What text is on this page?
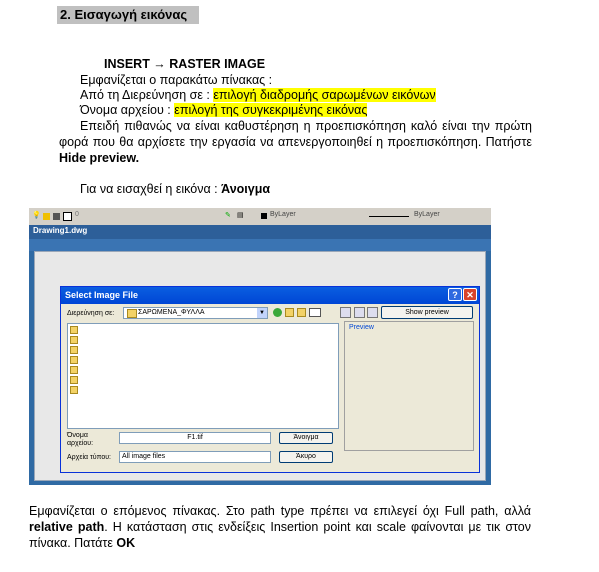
2. Εισαγωγή εικόνας
INSERT → RASTER IMAGE
Εμφανίζεται ο παρακάτω πίνακας :
Από τη Διερεύνηση σε : επιλογή διαδρομής σαρωμένων εικόνων
Όνομα αρχείου : επιλογή της συγκεκριμένης εικόνας
Επειδή πιθανώς να είναι καθυστέρηση η προεπισκόπηση καλό είναι την πρώτη φορά που θα αρχίσετε την εργασία να απενεργοποιηθεί η προεπισκόπηση. Πατήστε Hide preview.
Για να εισαχθεί η εικόνα : Άνοιγμα
💡	0	✎ ▤	ByLayer	ByLayer
Drawing1.dwg
Select Image File	? ✕
Διερεύνηση σε:	ΣΑΡΩΜΕΝΑ_ΦΥΛΛΑ	▼	Show preview
Preview
Όνομα αρχείου:
F1.tif	Άνοιγμα
Αρχεία τύπου: All image files	Άκυρο
Εμφανίζεται ο επόμενος πίνακας. Στο path type πρέπει να επιλεγεί όχι Full path, αλλά relative path. Η κατάσταση στις ενδείξεις Insertion point και scale φαίνονται με τικ στον πίνακα. Πατάτε OK
